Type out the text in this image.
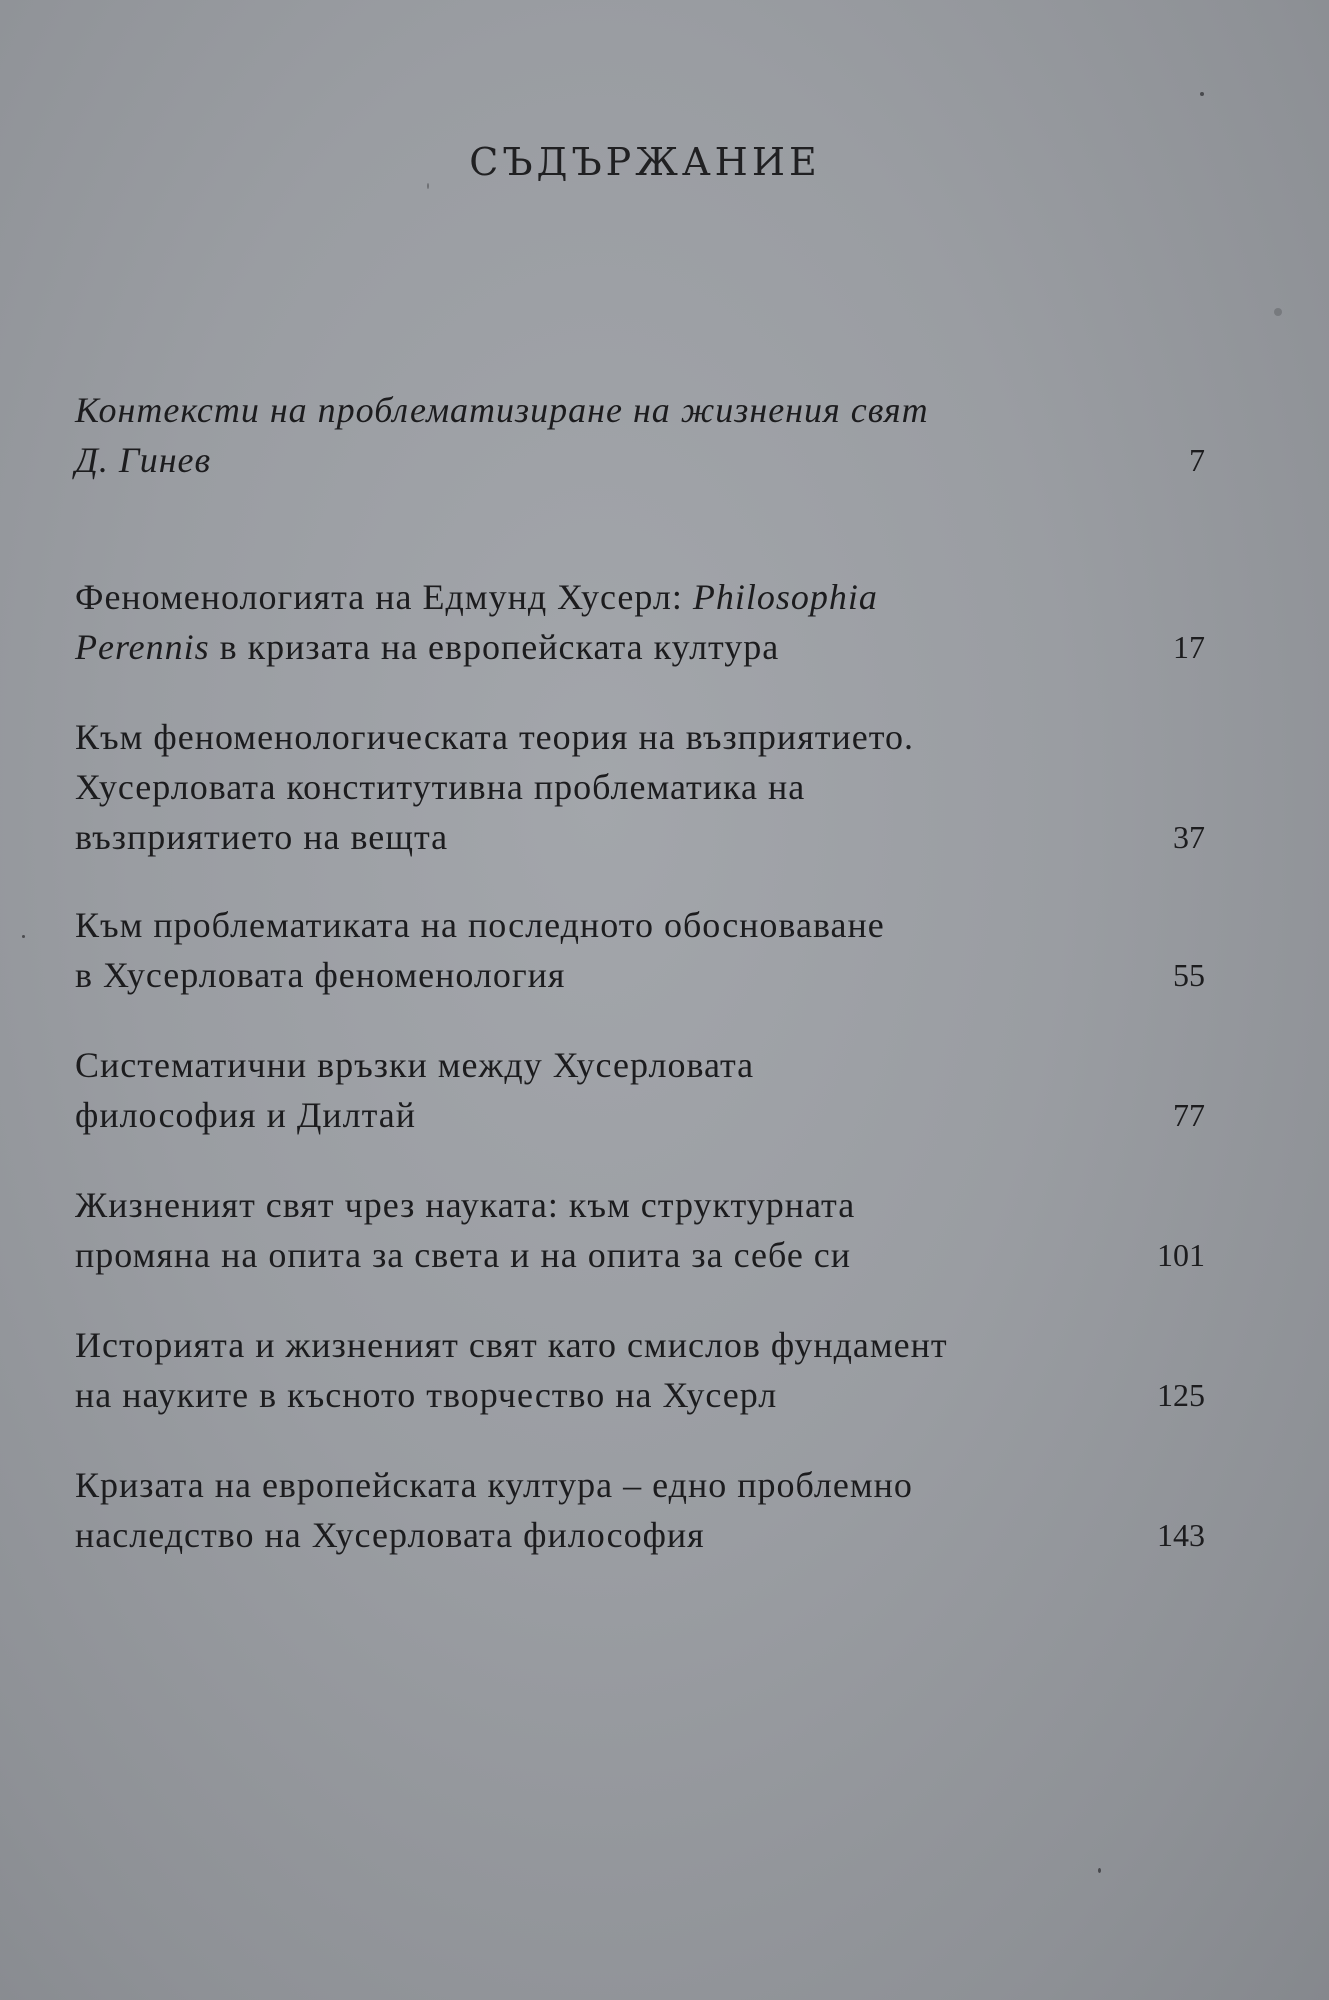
СЪДЪРЖАНИЕ
Контексти на проблематизиране на жизнения свят
Д. Гинев	7
Феноменологията на Едмунд Хусерл: Philosophia
Perennis в кризата на европейската култура	17
Към феноменологическата теория на възприятието.
Хусерловата конститутивна проблематика на
възприятието на вещта	37
Към проблематиката на последното обосноваване
в Хусерловата феноменология	55
Систематични връзки между Хусерловата
философия и Дилтай	77
Жизненият свят чрез науката: към структурната
промяна на опита за света и на опита за себе си	101
Историята и жизненият свят като смислов фундамент
на науките в късното творчество на Хусерл	125
Кризата на европейската култура – едно проблемно
наследство на Хусерловата философия	143
